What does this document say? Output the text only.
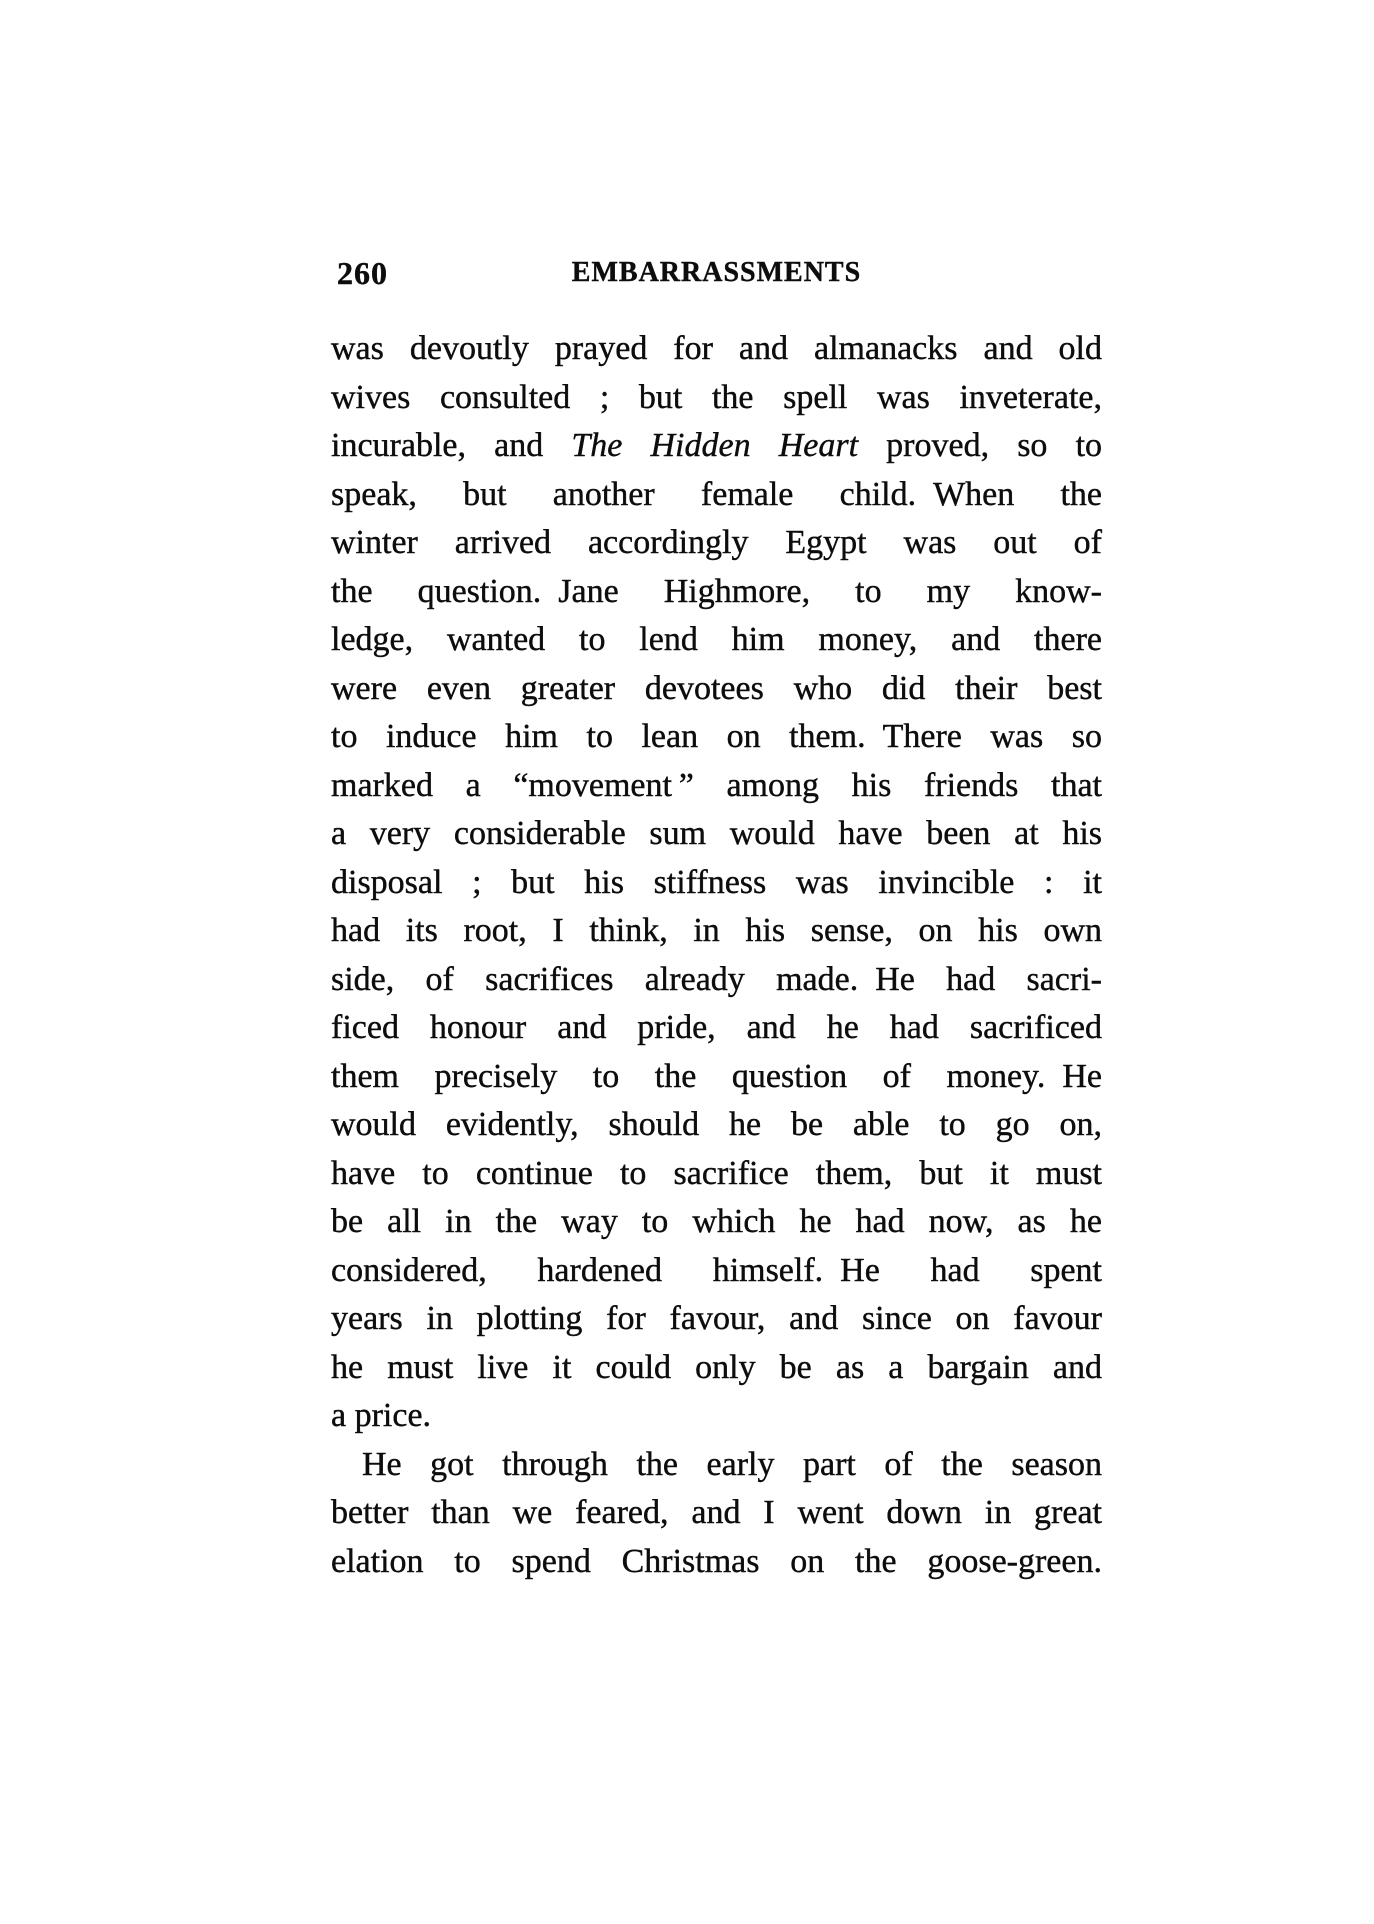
260	EMBARRASSMENTS
was devoutly prayed for and almanacks and old
wives consulted ; but the spell was inveterate,
incurable, and The Hidden Heart proved, so to
speak, but another female child. When the
winter arrived accordingly Egypt was out of
the question. Jane Highmore, to my know-
ledge, wanted to lend him money, and there
were even greater devotees who did their best
to induce him to lean on them. There was so
marked a “movement ” among his friends that
a very considerable sum would have been at his
disposal ; but his stiffness was invincible : it
had its root, I think, in his sense, on his own
side, of sacrifices already made. He had sacri-
ficed honour and pride, and he had sacrificed
them precisely to the question of money. He
would evidently, should he be able to go on,
have to continue to sacrifice them, but it must
be all in the way to which he had now, as he
considered, hardened himself. He had spent
years in plotting for favour, and since on favour
he must live it could only be as a bargain and
a price.
He got through the early part of the season
better than we feared, and I went down in great
elation to spend Christmas on the goose-green.
